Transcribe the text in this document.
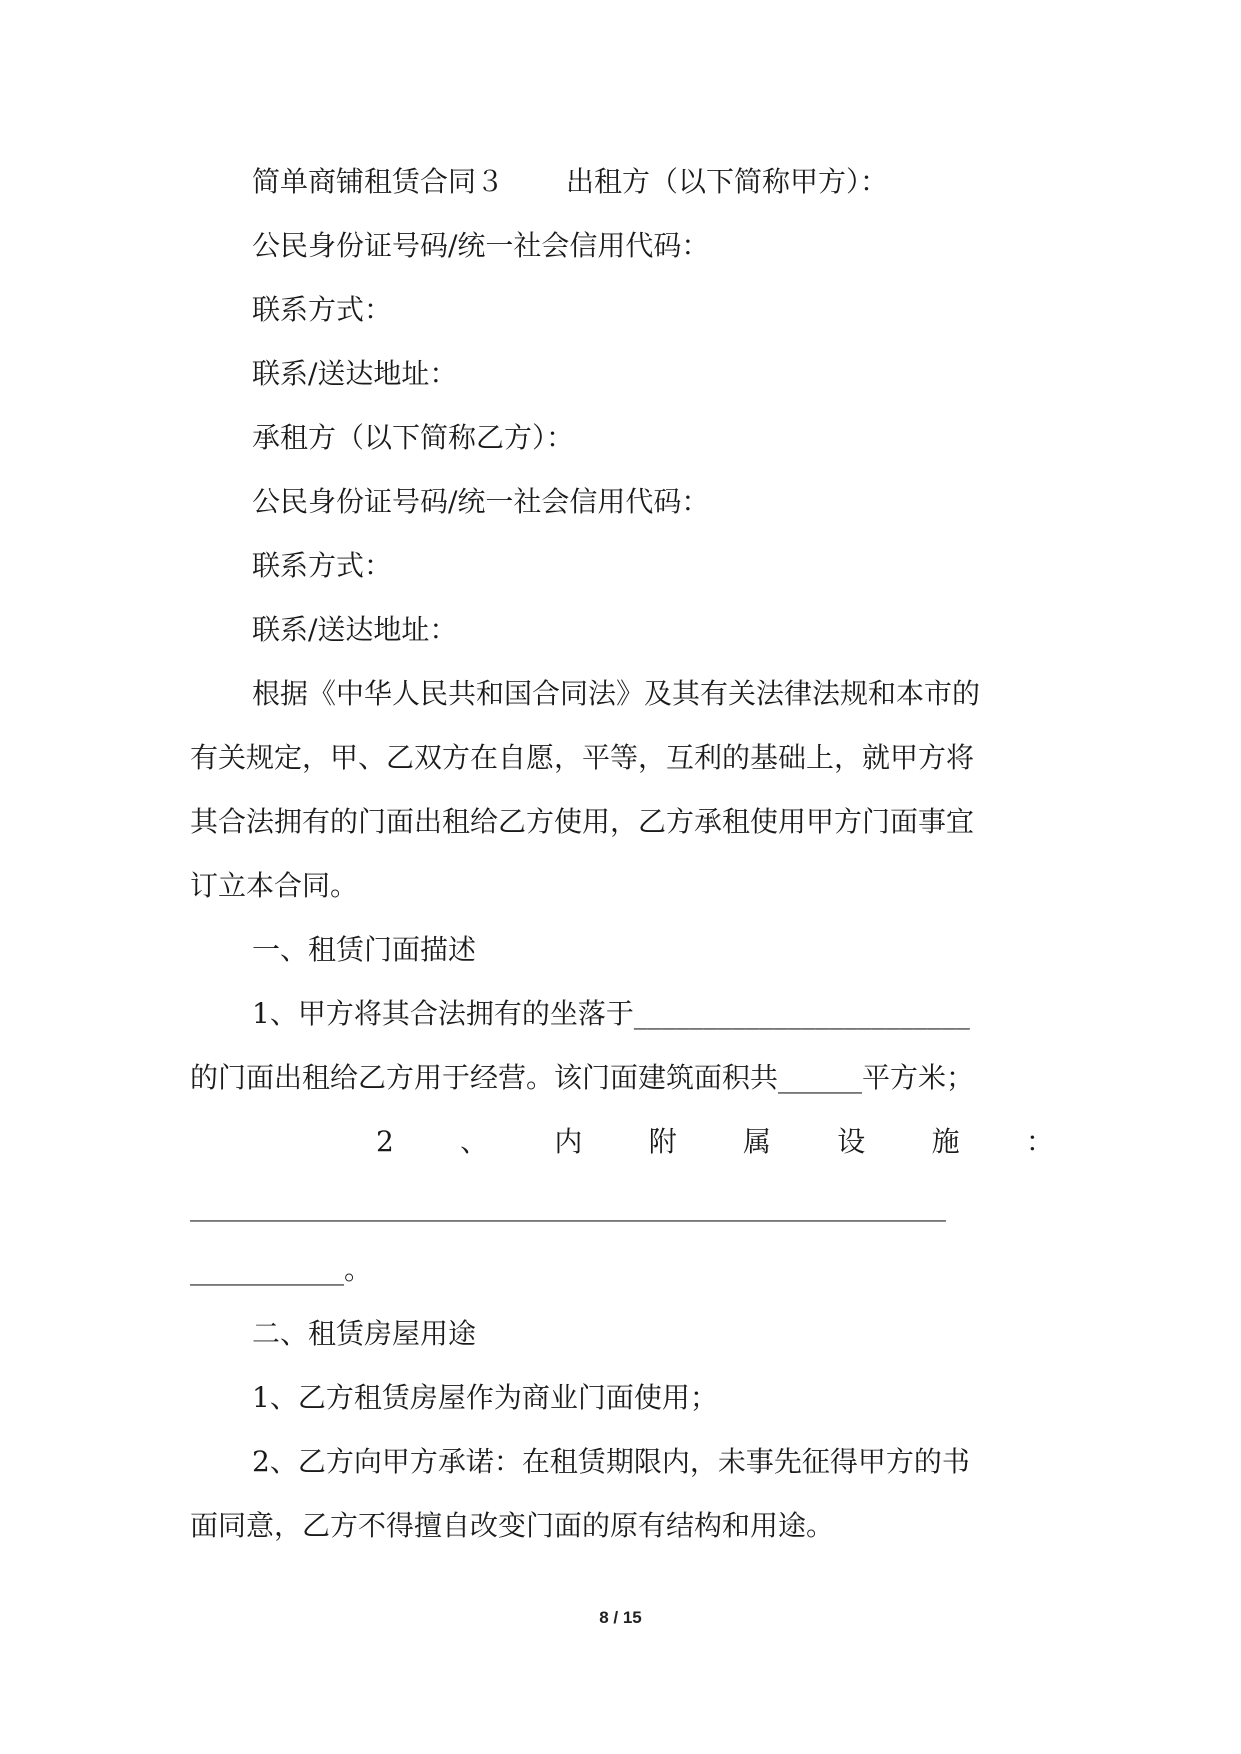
简单商铺租赁合同３ 出租方（以下简称甲方）：
公民身份证号码/统一社会信用代码：
联系方式：
联系/送达地址：
承租方（以下简称乙方）：
公民身份证号码/统一社会信用代码：
联系方式：
联系/送达地址：
根据《中华人民共和国合同法》及其有关法律法规和本市的
有关规定，甲、乙双方在自愿，平等，互利的基础上，就甲方将
其合法拥有的门面出租给乙方使用，乙方承租使用甲方门面事宜
订立本合同。
一、租赁门面描述
1、甲方将其合法拥有的坐落于________________________
的门面出租给乙方用于经营。该门面建筑面积共______平方米；
2 、 内 附 属 设 施 ：
______________________________________________________
___________。
二、租赁房屋用途
1、乙方租赁房屋作为商业门面使用；
2、乙方向甲方承诺：在租赁期限内，未事先征得甲方的书
面同意，乙方不得擅自改变门面的原有结构和用途。
8 / 15
